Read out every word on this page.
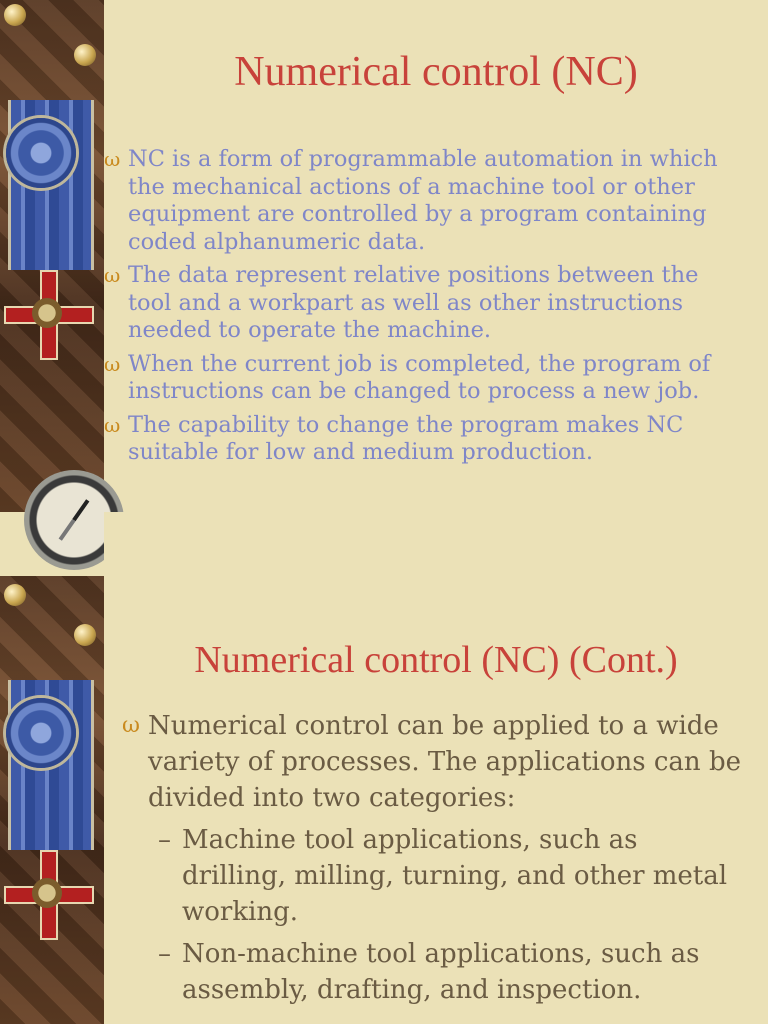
Numerical control (NC)
ω NC is a form of programmable automation in which the mechanical actions of a machine tool or other equipment are controlled by a program containing coded alphanumeric data.
ω The data represent relative positions between the tool and a workpart as well as other instructions needed to operate the machine.
ω When the current job is completed, the program of instructions can be changed to process a new job.
ω The capability to change the program makes NC suitable for low and medium production.
Numerical control (NC) (Cont.)
ω Numerical control can be applied to a wide variety of processes. The applications can be divided into two categories:
– Machine tool applications, such as drilling, milling, turning, and other metal working.
– Non-machine tool applications, such as assembly, drafting, and inspection.
